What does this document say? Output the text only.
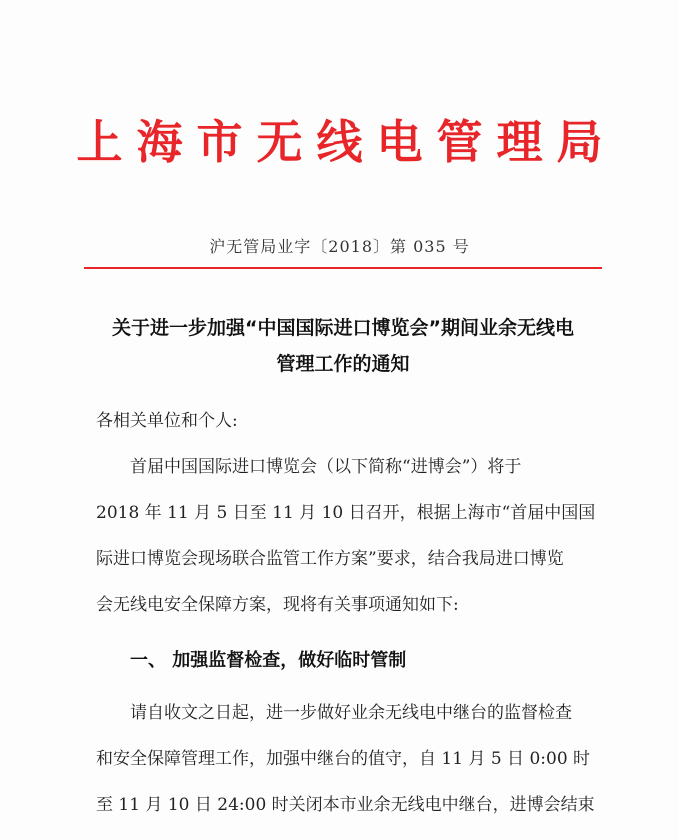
上海市无线电管理局
沪无管局业字〔2018〕第 035 号
关于进一步加强“中国国际进口博览会”期间业余无线电
管理工作的通知
各相关单位和个人:
首届中国国际进口博览会（以下简称“进博会”）将于
2018 年 11 月 5 日至 11 月 10 日召开，根据上海市“首届中国国
际进口博览会现场联合监管工作方案”要求，结合我局进口博览
会无线电安全保障方案，现将有关事项通知如下:
一、 加强监督检查，做好临时管制
请自收文之日起，进一步做好业余无线电中继台的监督检查
和安全保障管理工作，加强中继台的值守，自 11 月 5 日 0:00 时
至 11 月 10 日 24:00 时关闭本市业余无线电中继台，进博会结束
